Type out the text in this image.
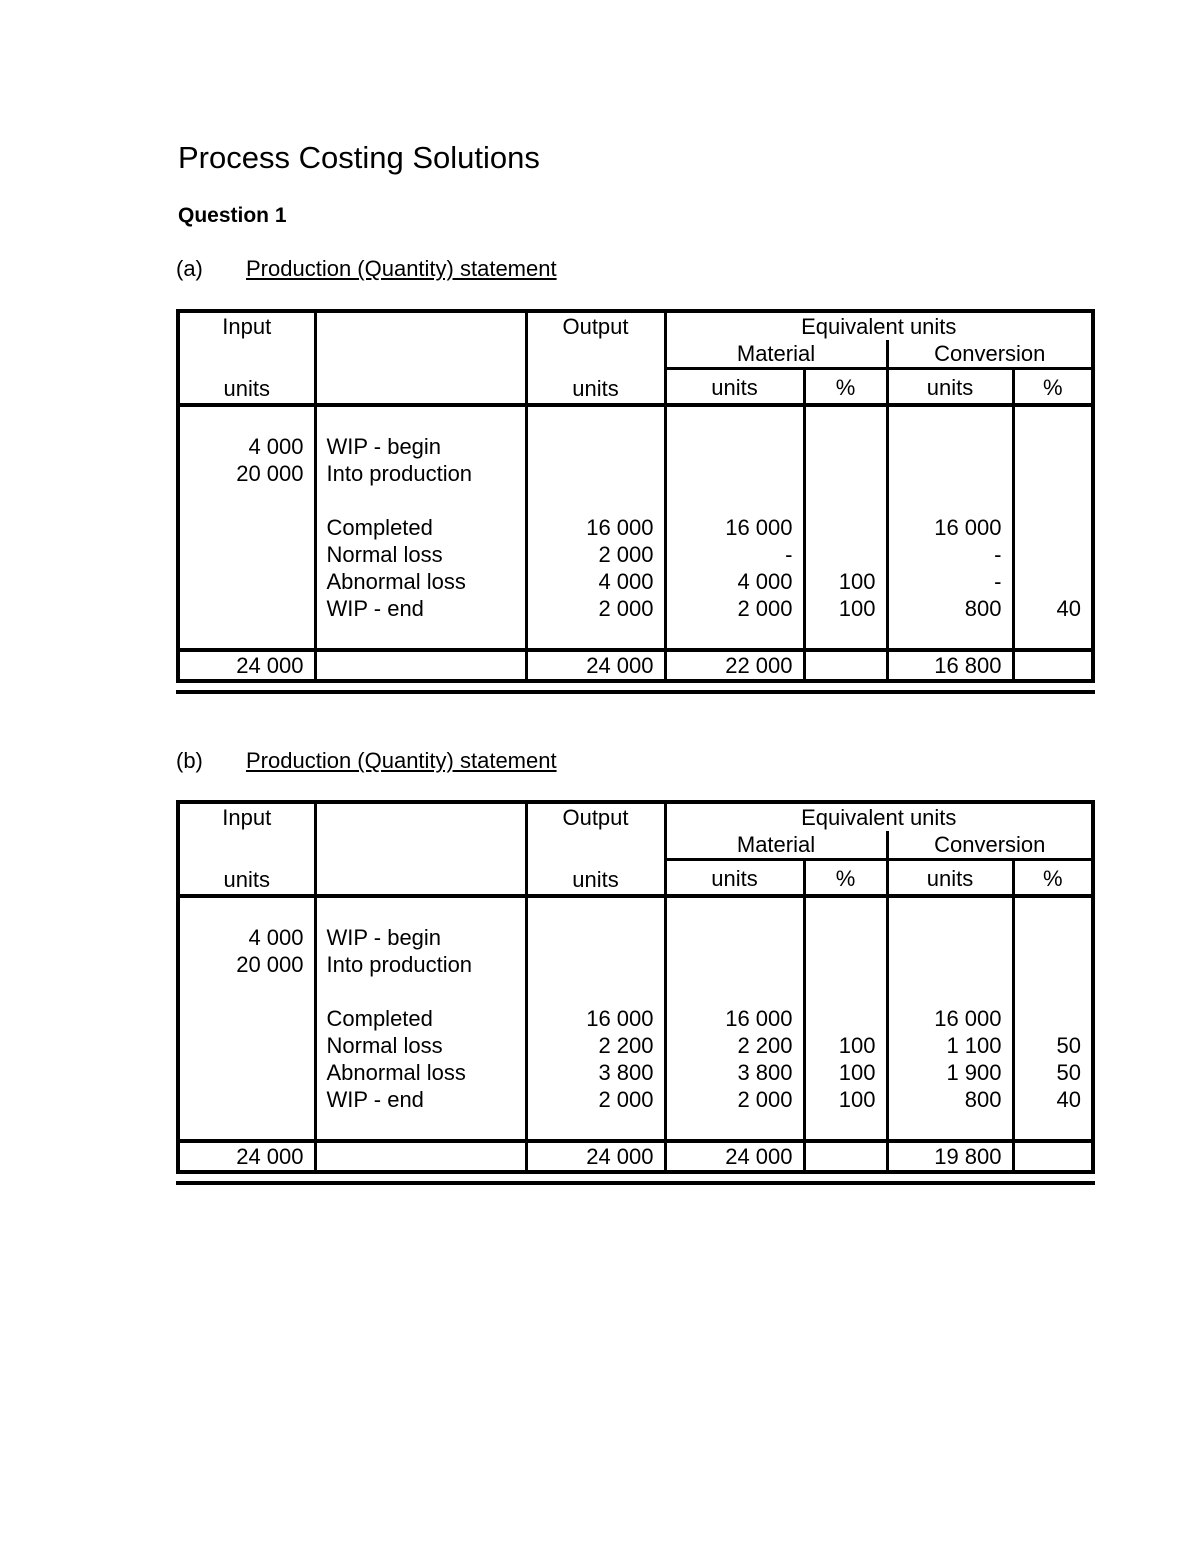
Process Costing Solutions
Question 1
(a) Production (Quantity) statement
Input		Output	Equivalent units			
			Material		Conversion	
units		units	units	%	units	%

4 000	WIP - begin					
20 000	Into production					

	Completed	16 000	16 000		16 000	
	Normal loss	2 000	-		-	
	Abnormal loss	4 000	4 000	100	-	
	WIP - end	2 000	2 000	100	800	40

24 000		24 000	22 000		16 800	
(b) Production (Quantity) statement
Input		Output	Equivalent units			
			Material		Conversion	
units		units	units	%	units	%

4 000	WIP - begin					
20 000	Into production					

	Completed	16 000	16 000		16 000	
	Normal loss	2 200	2 200	100	1 100	50
	Abnormal loss	3 800	3 800	100	1 900	50
	WIP - end	2 000	2 000	100	800	40

24 000		24 000	24 000		19 800	
